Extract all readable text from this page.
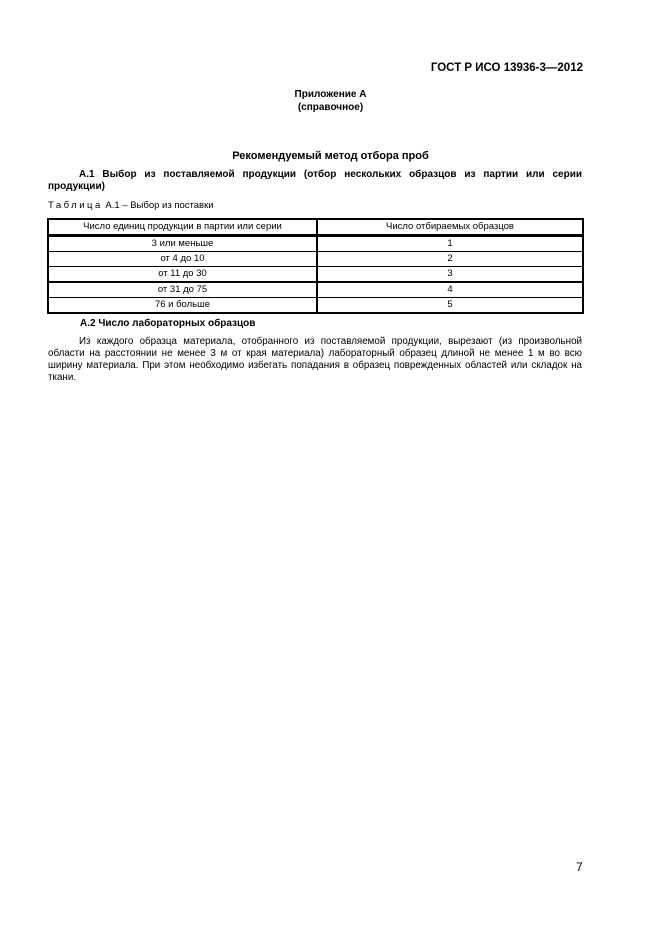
ГОСТ Р ИСО 13936-3—2012
Приложение А
(справочное)
Рекомендуемый метод отбора проб
А.1 Выбор из поставляемой продукции (отбор нескольких образцов из партии или серии продукции)
Таблица А.1 – Выбор из поставки
Число единиц продукции в партии или серии	Число отбираемых образцов
3 или меньше	1
от 4 до 10	2
от 11 до 30	3
от 31 до 75	4
76 и больше	5
А.2 Число лабораторных образцов
Из каждого образца материала, отобранного из поставляемой продукции, вырезают (из произвольной области на расстоянии не менее 3 м от края материала) лабораторный образец длиной не менее 1 м во всю ширину материала. При этом необходимо избегать попадания в образец поврежденных областей или складок на ткани.
7
